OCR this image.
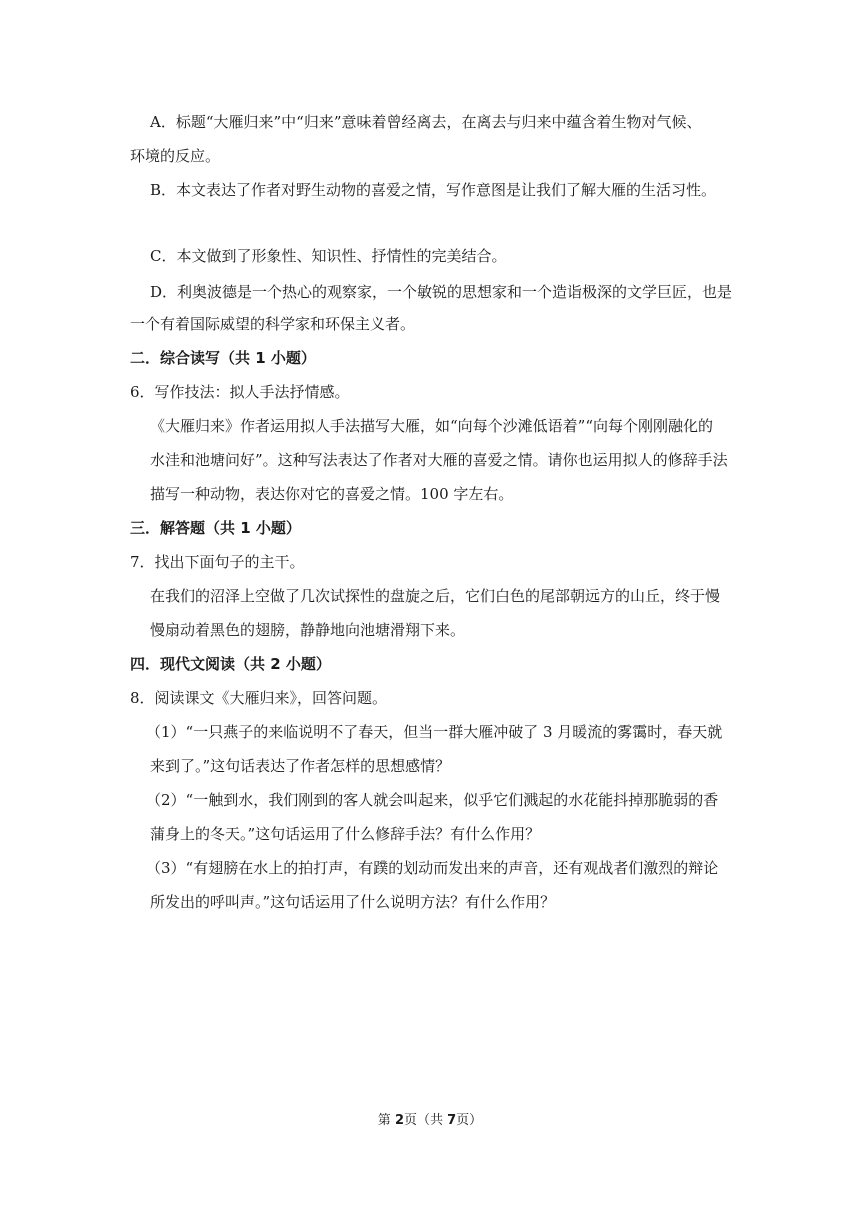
A．标题“大雁归来”中“归来”意味着曾经离去，在离去与归来中蕴含着生物对气候、
环境的反应。
B．本文表达了作者对野生动物的喜爱之情，写作意图是让我们了解大雁的生活习性。
C．本文做到了形象性、知识性、抒情性的完美结合。
D．利奥波德是一个热心的观察家，一个敏锐的思想家和一个造诣极深的文学巨匠，也是
一个有着国际威望的科学家和环保主义者。
二．综合读写（共 1 小题）
6．写作技法：拟人手法抒情感。
《大雁归来》作者运用拟人手法描写大雁，如“向每个沙滩低语着”“向每个刚刚融化的
水洼和池塘问好”。这种写法表达了作者对大雁的喜爱之情。请你也运用拟人的修辞手法
描写一种动物，表达你对它的喜爱之情。100 字左右。
三．解答题（共 1 小题）
7．找出下面句子的主干。
在我们的沼泽上空做了几次试探性的盘旋之后，它们白色的尾部朝远方的山丘，终于慢
慢扇动着黑色的翅膀，静静地向池塘滑翔下来。
四．现代文阅读（共 2 小题）
8．阅读课文《大雁归来》，回答问题。
（1）“一只燕子的来临说明不了春天，但当一群大雁冲破了 3 月暖流的雾霭时，春天就
来到了。”这句话表达了作者怎样的思想感情？
（2）“一触到水，我们刚到的客人就会叫起来，似乎它们溅起的水花能抖掉那脆弱的香
蒲身上的冬天。”这句话运用了什么修辞手法？有什么作用？
（3）“有翅膀在水上的拍打声，有蹼的划动而发出来的声音，还有观战者们激烈的辩论
所发出的呼叫声。”这句话运用了什么说明方法？有什么作用？
第 2页（共 7页）
